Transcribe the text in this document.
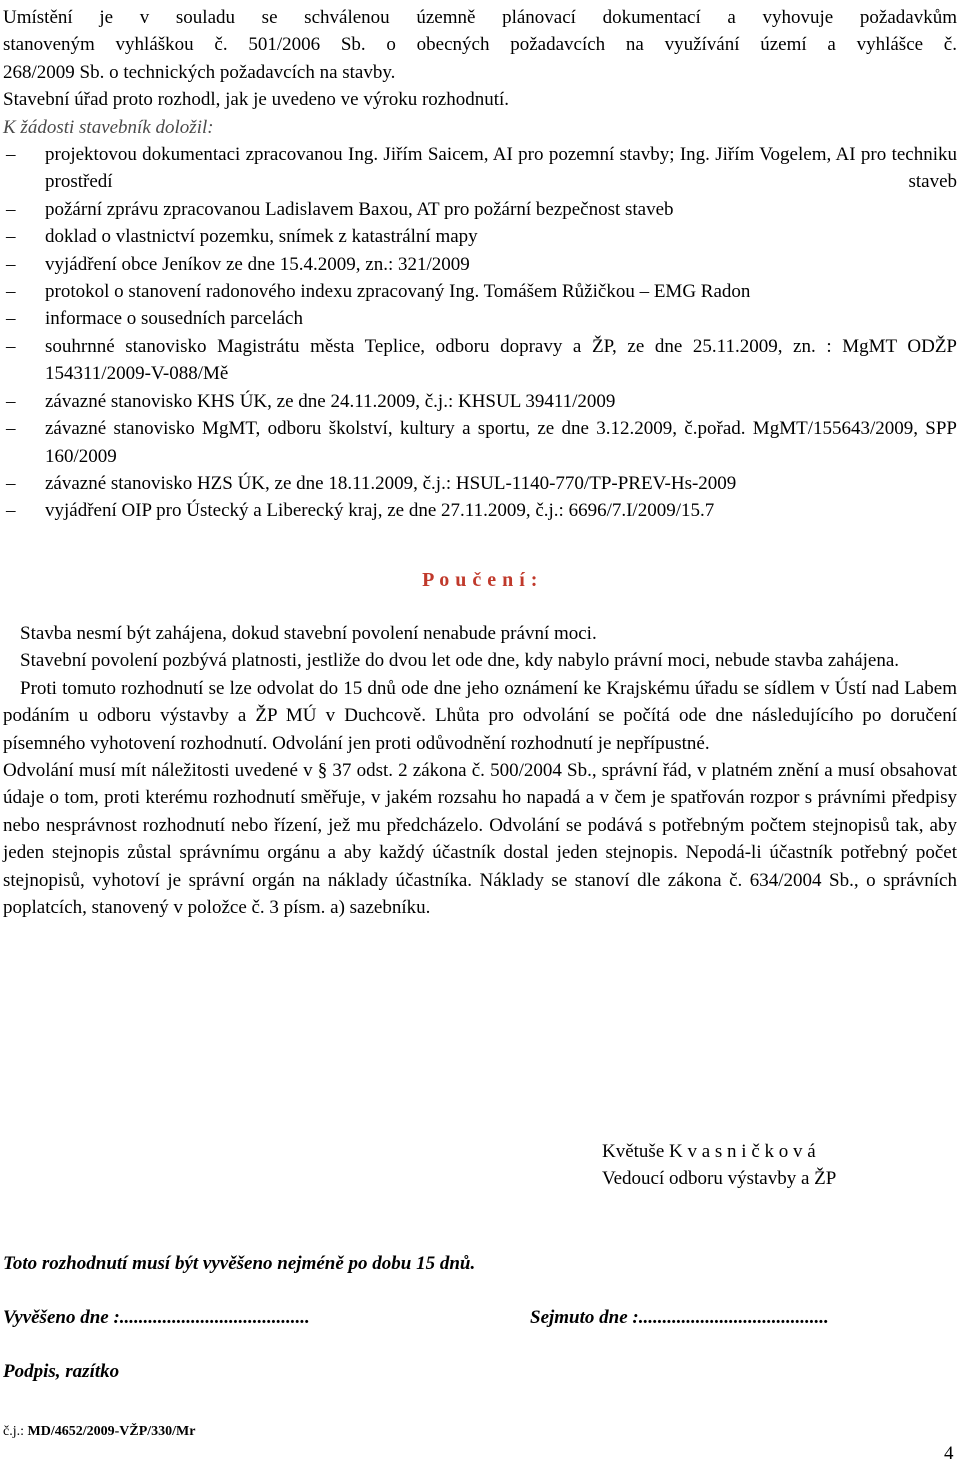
Umístění je v souladu se schválenou územně plánovací dokumentací a vyhovuje požadavkům

stanoveným vyhláškou č. 501/2006 Sb. o obecných požadavcích na využívání území a vyhlášce č.

268/2009 Sb. o technických požadavcích na stavby.

Stavební úřad proto rozhodl, jak je uvedeno ve výroku rozhodnutí.

K žádosti stavebník doložil:

– projektovou dokumentaci zpracovanou Ing. Jiřím Saicem, AI pro pozemní stavby; Ing. Jiřím Vogelem, AI pro techniku prostředí staveb
– požární zprávu zpracovanou Ladislavem Baxou, AT pro požární bezpečnost staveb
– doklad o vlastnictví pozemku, snímek z katastrální mapy
– vyjádření obce Jeníkov ze dne 15.4.2009, zn.: 321/2009
– protokol o stanovení radonového indexu zpracovaný Ing. Tomášem Růžičkou – EMG Radon
– informace o sousedních parcelách
– souhrnné stanovisko Magistrátu města Teplice, odboru dopravy a ŽP, ze dne 25.11.2009, zn. : MgMT ODŽP 154311/2009-V-088/Mě
– závazné stanovisko KHS ÚK, ze dne 24.11.2009, č.j.: KHSUL 39411/2009
– závazné stanovisko MgMT, odboru školství, kultury a sportu, ze dne 3.12.2009, č.pořad. MgMT/155643/2009, SPP 160/2009
– závazné stanovisko HZS ÚK, ze dne 18.11.2009, č.j.: HSUL-1140-770/TP-PREV-Hs-2009
– vyjádření OIP pro Ústecký a Liberecký kraj, ze dne 27.11.2009, č.j.: 6696/7.I/2009/15.7
P o u č e n í :

Stavba nesmí být zahájena, dokud stavební povolení nenabude právní moci.

Stavební povolení pozbývá platnosti, jestliže do dvou let ode dne, kdy nabylo právní moci, nebude stavba zahájena.

Proti tomuto rozhodnutí se lze odvolat do 15 dnů ode dne jeho oznámení ke Krajskému úřadu se sídlem v Ústí nad Labem podáním u odboru výstavby a ŽP MÚ v Duchcově. Lhůta pro odvolání se počítá ode dne následujícího po doručení písemného vyhotovení rozhodnutí. Odvolání jen proti odůvodnění rozhodnutí je nepřípustné.

Odvolání musí mít náležitosti uvedené v § 37 odst. 2 zákona č. 500/2004 Sb., správní řád, v platném znění a musí obsahovat údaje o tom, proti kterému rozhodnutí směřuje, v jakém rozsahu ho napadá a v čem je spatřován rozpor s právními předpisy nebo nesprávnost rozhodnutí nebo řízení, jež mu předcházelo. Odvolání se podává s potřebným počtem stejnopisů tak, aby jeden stejnopis zůstal správnímu orgánu a aby každý účastník dostal jeden stejnopis. Nepodá-li účastník potřebný počet stejnopisů, vyhotoví je správní orgán na náklady účastníka. Náklady se stanoví dle zákona č. 634/2004 Sb., o správních poplatcích, stanovený v položce č. 3 písm. a) sazebníku.

Květuše K v a s n i č k o v á
Vedoucí odboru výstavby a ŽP
Toto rozhodnutí musí být vyvěšeno nejméně po dobu 15 dnů.
Vyvěšeno dne :........................................	Sejmuto dne :........................................
Podpis, razítko
č.j.: MD/4652/2009-VŽP/330/Mr
4
